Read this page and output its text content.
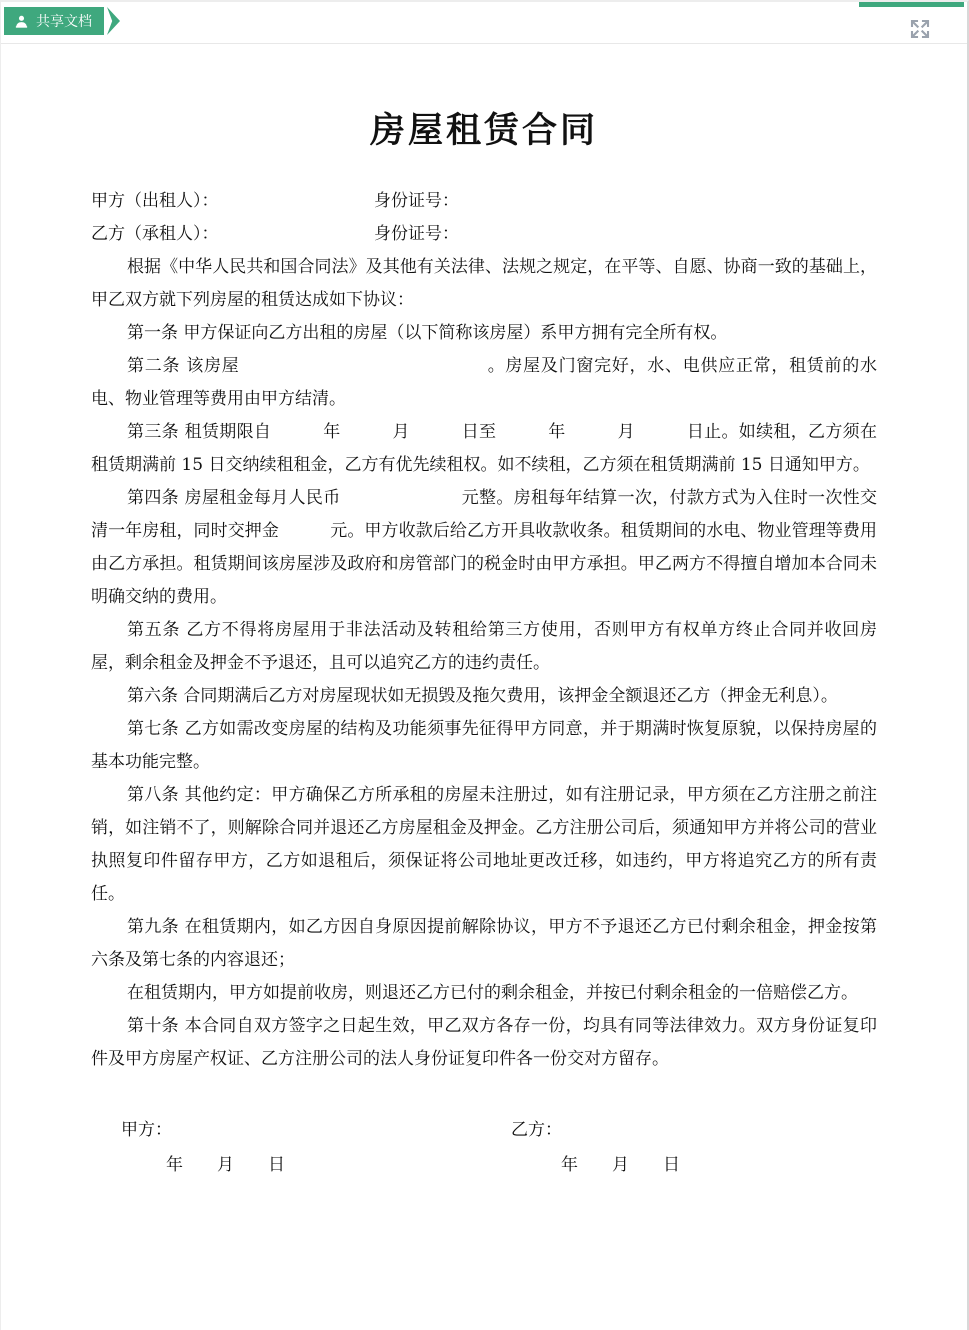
共享文档
房屋租赁合同
甲方（出租人）：	身份证号：
乙方（承租人）：	身份证号：

根据《中华人民共和国合同法》及其他有关法律、法规之规定，在平等、自愿、协商一致的基础上，甲乙双方就下列房屋的租赁达成如下协议：

第一条 甲方保证向乙方出租的房屋（以下简称该房屋）系甲方拥有完全所有权。

第二条 该房屋　　　　　　　　　　　　　　。房屋及门窗完好，水、电供应正常，租赁前的水电、物业管理等费用由甲方结清。

第三条 租赁期限自　　　年　　　月　　　日至　　　年　　　月　　　日止。如续租，乙方须在租赁期满前 15 日交纳续租租金，乙方有优先续租权。如不续租，乙方须在租赁期满前 15 日通知甲方。

第四条 房屋租金每月人民币　　　　　　　元整。房租每年结算一次，付款方式为入住时一次性交清一年房租，同时交押金　　　元。甲方收款后给乙方开具收款收条。租赁期间的水电、物业管理等费用由乙方承担。租赁期间该房屋涉及政府和房管部门的税金时由甲方承担。甲乙两方不得擅自增加本合同未明确交纳的费用。

第五条 乙方不得将房屋用于非法活动及转租给第三方使用，否则甲方有权单方终止合同并收回房屋，剩余租金及押金不予退还，且可以追究乙方的违约责任。

第六条 合同期满后乙方对房屋现状如无损毁及拖欠费用，该押金全额退还乙方（押金无利息）。

第七条 乙方如需改变房屋的结构及功能须事先征得甲方同意，并于期满时恢复原貌，以保持房屋的基本功能完整。

第八条 其他约定：甲方确保乙方所承租的房屋未注册过，如有注册记录，甲方须在乙方注册之前注销，如注销不了，则解除合同并退还乙方房屋租金及押金。乙方注册公司后，须通知甲方并将公司的营业执照复印件留存甲方，乙方如退租后，须保证将公司地址更改迁移，如违约，甲方将追究乙方的所有责任。

第九条 在租赁期内，如乙方因自身原因提前解除协议，甲方不予退还乙方已付剩余租金，押金按第六条及第七条的内容退还；

在租赁期内，甲方如提前收房，则退还乙方已付的剩余租金，并按已付剩余租金的一倍赔偿乙方。

第十条 本合同自双方签字之日起生效，甲乙双方各存一份，均具有同等法律效力。双方身份证复印件及甲方房屋产权证、乙方注册公司的法人身份证复印件各一份交对方留存。

甲方：
年　　月　　日
乙方：
年　　月　　日
